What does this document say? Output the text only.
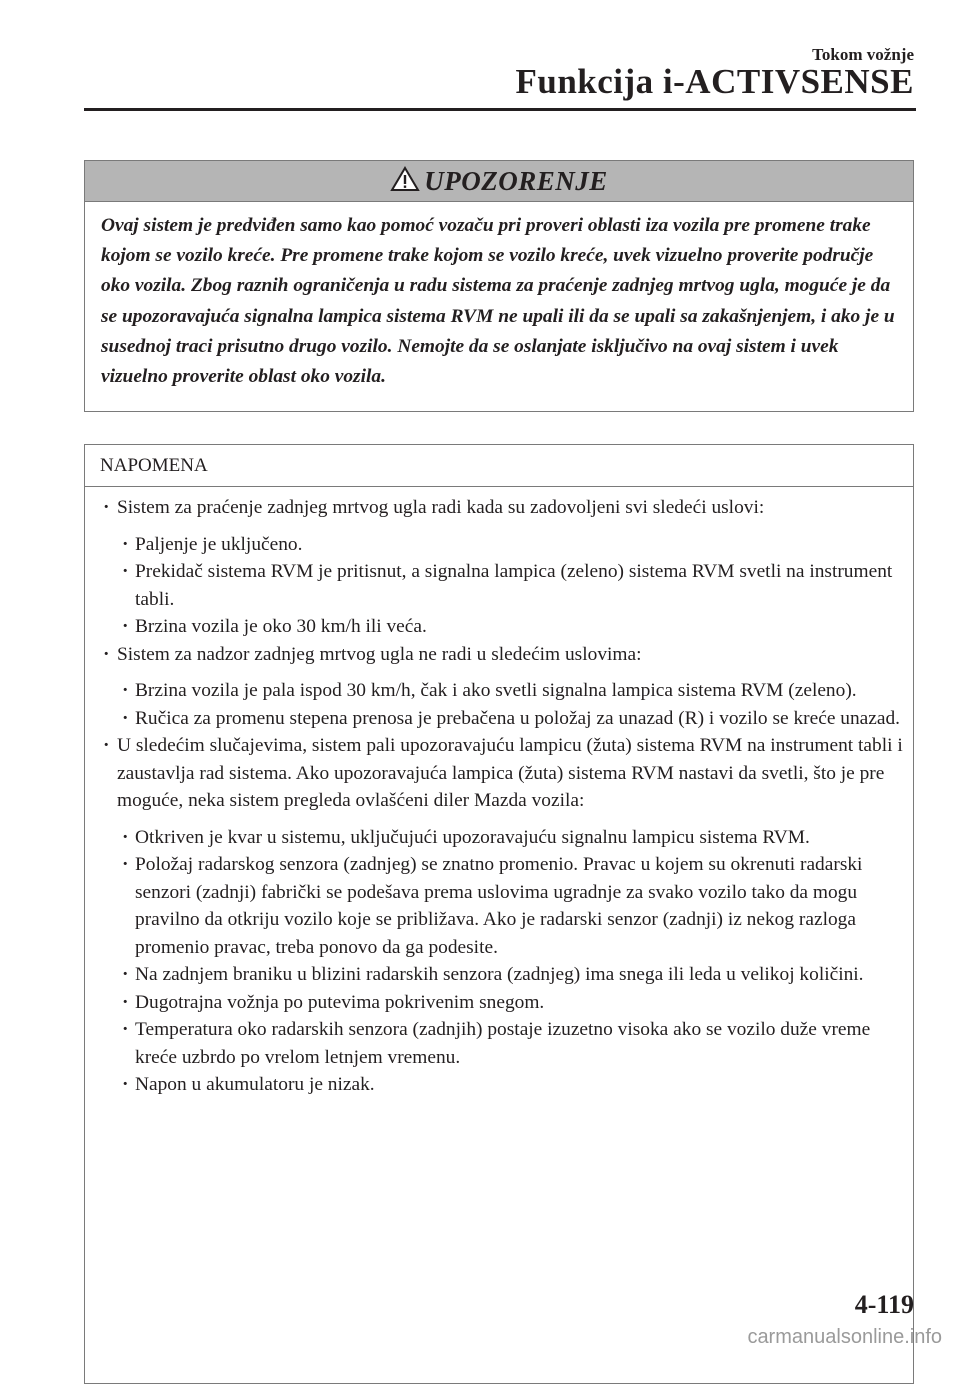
Tokom vožnje
Funkcija i-ACTIVSENSE
UPOZORENJE

Ovaj sistem je predviđen samo kao pomoć vozaču pri proveri oblasti iza vozila pre promene trake kojom se vozilo kreće. Pre promene trake kojom se vozilo kreće, uvek vizuelno proverite područje oko vozila. Zbog raznih ograničenja u radu sistema za praćenje zadnjeg mrtvog ugla, moguće je da se upozoravajuća signalna lampica sistema RVM ne upali ili da se upali sa zakašnjenjem, i ako je u susednoj traci prisutno drugo vozilo. Nemojte da se oslanjate isključivo na ovaj sistem i uvek vizuelno proverite oblast oko vozila.

NAPOMENA
· Sistem za praćenje zadnjeg mrtvog ugla radi kada su zadovoljeni svi sledeći uslovi:
· Paljenje je uključeno.
· Prekidač sistema RVM je pritisnut, a signalna lampica (zeleno) sistema RVM svetli na instrument tabli.
· Brzina vozila je oko 30 km/h ili veća.
· Sistem za nadzor zadnjeg mrtvog ugla ne radi u sledećim uslovima:
· Brzina vozila je pala ispod 30 km/h, čak i ako svetli signalna lampica sistema RVM (zeleno).
· Ručica za promenu stepena prenosa je prebačena u položaj za unazad (R) i vozilo se kreće unazad.
· U sledećim slučajevima, sistem pali upozoravajuću lampicu (žuta) sistema RVM na instrument tabli i zaustavlja rad sistema. Ako upozoravajuća lampica (žuta) sistema RVM nastavi da svetli, što je pre moguće, neka sistem pregleda ovlašćeni diler Mazda vozila:
· Otkriven je kvar u sistemu, uključujući upozoravajuću signalnu lampicu sistema RVM.
· Položaj radarskog senzora (zadnjeg) se znatno promenio. Pravac u kojem su okrenuti radarski senzori (zadnji) fabrički se podešava prema uslovima ugradnje za svako vozilo tako da mogu pravilno da otkriju vozilo koje se približava. Ako je radarski senzor (zadnji) iz nekog razloga promenio pravac, treba ponovo da ga podesite.
· Na zadnjem braniku u blizini radarskih senzora (zadnjeg) ima snega ili leda u velikoj količini.
· Dugotrajna vožnja po putevima pokrivenim snegom.
· Temperatura oko radarskih senzora (zadnjih) postaje izuzetno visoka ako se vozilo duže vreme kreće uzbrdo po vrelom letnjem vremenu.
· Napon u akumulatoru je nizak.
4-119
carmanualsonline.info
